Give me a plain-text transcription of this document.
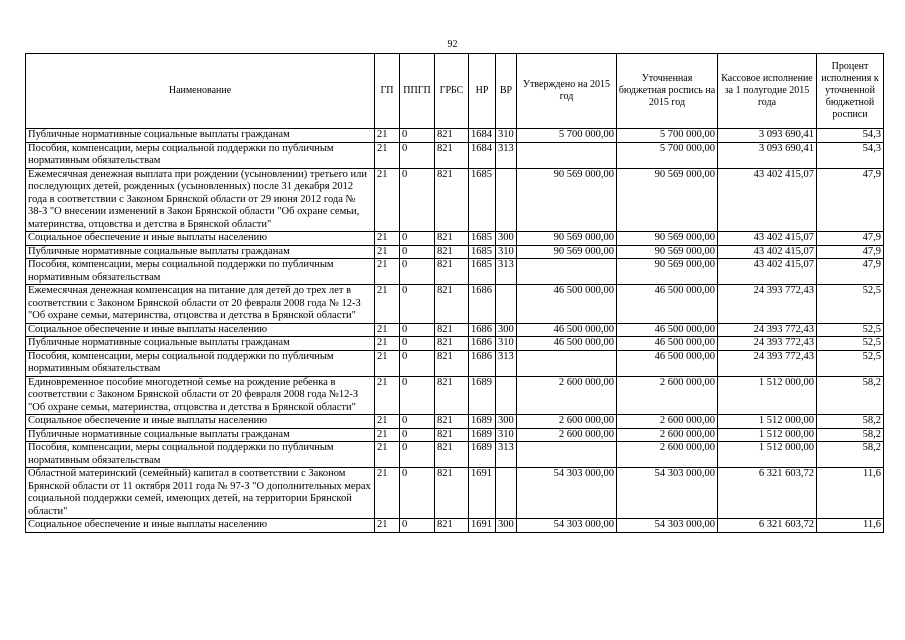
92
Наименование	ГП	ППГП	ГРБС	НР	ВР	Утверждено на 2015 год	Уточненная бюджетная роспись на 2015 год	Кассовое исполнение за 1 полугодие 2015 года	Процент исполнения к уточненной бюджетной росписи
Публичные нормативные социальные выплаты гражданам	21	0	821	1684	310	5 700 000,00	5 700 000,00	3 093 690,41	54,3
Пособия, компенсации, меры социальной поддержки по публичным нормативным обязательствам	21	0	821	1684	313		5 700 000,00	3 093 690,41	54,3
Ежемесячная денежная выплата при рождении (усыновлении) третьего или последующих детей, рожденных (усыновленных) после 31 декабря 2012 года в соответствии с Законом Брянской области от 29 июня 2012 года № 38-З "О внесении изменений в Закон Брянской области "Об охране семьи, материнства, отцовства и детства в Брянской области"	21	0	821	1685		90 569 000,00	90 569 000,00	43 402 415,07	47,9
Социальное обеспечение и иные выплаты населению	21	0	821	1685	300	90 569 000,00	90 569 000,00	43 402 415,07	47,9
Публичные нормативные социальные выплаты гражданам	21	0	821	1685	310	90 569 000,00	90 569 000,00	43 402 415,07	47,9
Пособия, компенсации, меры социальной поддержки по публичным нормативным обязательствам	21	0	821	1685	313		90 569 000,00	43 402 415,07	47,9
Ежемесячная денежная компенсация на питание для детей до трех лет в соответствии с Законом Брянской области от 20 февраля 2008 года № 12-З "Об охране семьи, материнства, отцовства и детства в Брянской области"	21	0	821	1686		46 500 000,00	46 500 000,00	24 393 772,43	52,5
Социальное обеспечение и иные выплаты населению	21	0	821	1686	300	46 500 000,00	46 500 000,00	24 393 772,43	52,5
Публичные нормативные социальные выплаты гражданам	21	0	821	1686	310	46 500 000,00	46 500 000,00	24 393 772,43	52,5
Пособия, компенсации, меры социальной поддержки по публичным нормативным обязательствам	21	0	821	1686	313		46 500 000,00	24 393 772,43	52,5
Единовременное пособие многодетной семье на рождение ребенка в соответствии с Законом Брянской области от 20 февраля 2008 года №12-З "Об охране семьи, материнства, отцовства и детства в Брянской области"	21	0	821	1689		2 600 000,00	2 600 000,00	1 512 000,00	58,2
Социальное обеспечение и иные выплаты населению	21	0	821	1689	300	2 600 000,00	2 600 000,00	1 512 000,00	58,2
Публичные нормативные социальные выплаты гражданам	21	0	821	1689	310	2 600 000,00	2 600 000,00	1 512 000,00	58,2
Пособия, компенсации, меры социальной поддержки по публичным нормативным обязательствам	21	0	821	1689	313		2 600 000,00	1 512 000,00	58,2
Областной материнский (семейный) капитал в соответствии с Законом Брянской области от 11 октября 2011 года № 97-З "О дополнительных мерах социальной поддержки семей, имеющих детей, на территории Брянской области"	21	0	821	1691		54 303 000,00	54 303 000,00	6 321 603,72	11,6
Социальное обеспечение и иные выплаты населению	21	0	821	1691	300	54 303 000,00	54 303 000,00	6 321 603,72	11,6
